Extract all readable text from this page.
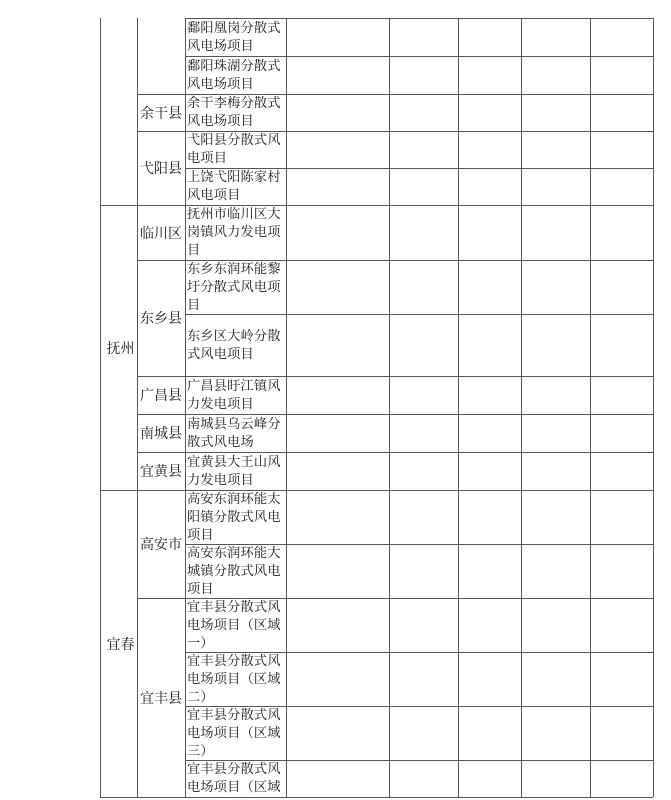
鄱阳凰岗分散式风电场项目
鄱阳珠湖分散式风电场项目
余干李梅分散式风电场项目
余干县
弋阳县分散式风电项目
上饶弋阳陈家村风电项目
弋阳县
抚州市临川区大岗镇风力发电项目
临川区
东乡东润环能黎圩分散式风电项目
东乡区大岭分散式风电项目
东乡县
广昌县盱江镇风力发电项目
广昌县
南城县乌云峰分散式风电场
南城县
宜黄县大王山风力发电项目
宜黄县
抚州
高安东润环能太阳镇分散式风电项目
高安东润环能大城镇分散式风电项目
高安市
宜丰县分散式风电场项目（区域一）
宜丰县分散式风电场项目（区域二）
宜丰县分散式风电场项目（区域三）
宜丰县分散式风电场项目（区域
宜丰县
宜春
